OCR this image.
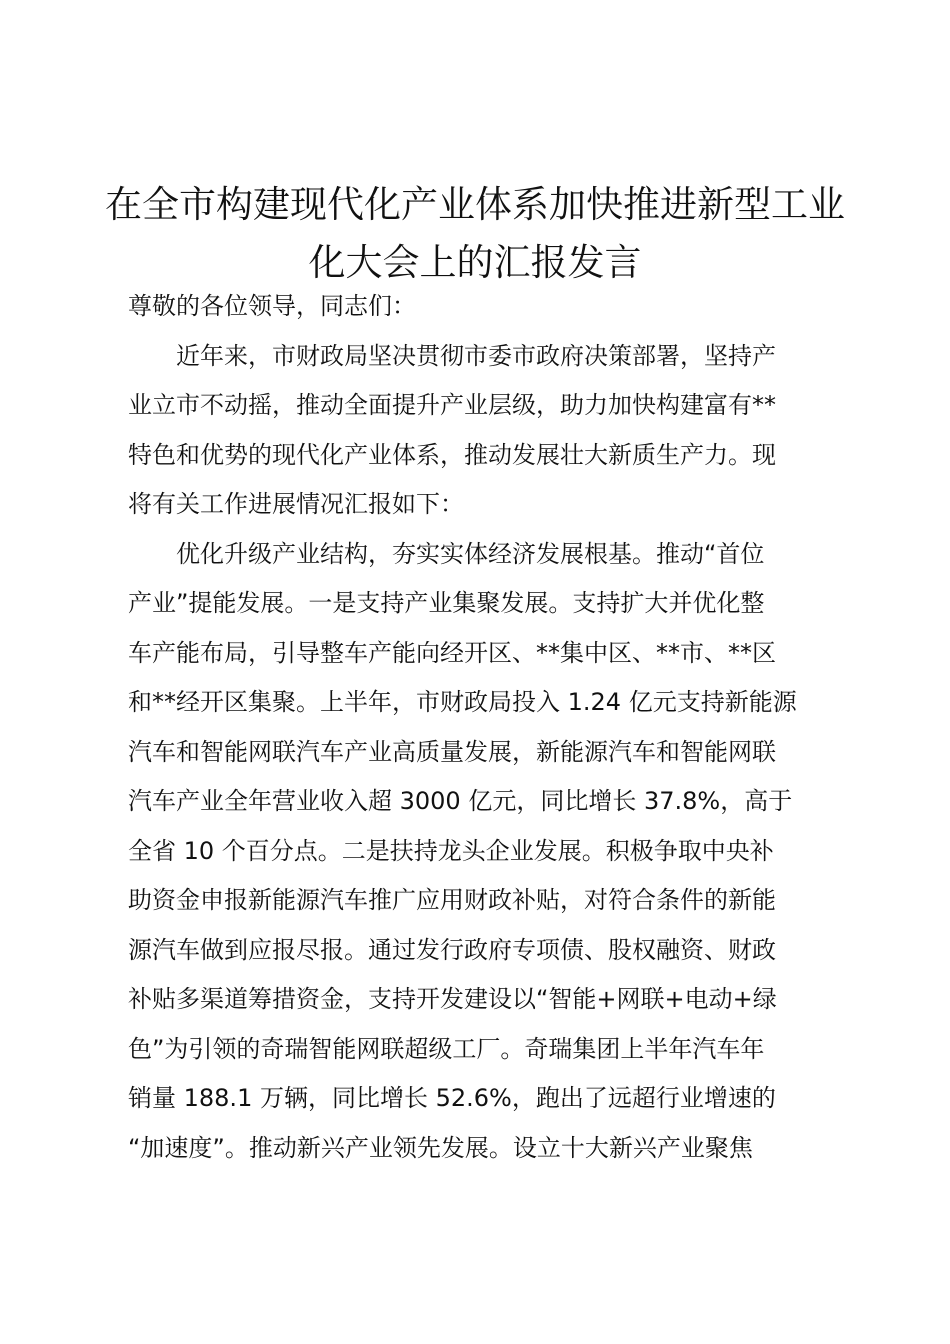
在全市构建现代化产业体系加快推进新型工业
化大会上的汇报发言

尊敬的各位领导，同志们：

　　近年来，市财政局坚决贯彻市委市政府决策部署，坚持产
业立市不动摇，推动全面提升产业层级，助力加快构建富有**
特色和优势的现代化产业体系，推动发展壮大新质生产力。现
将有关工作进展情况汇报如下：

　　优化升级产业结构，夯实实体经济发展根基。推动“首位
产业”提能发展。一是支持产业集聚发展。支持扩大并优化整
车产能布局，引导整车产能向经开区、**集中区、**市、**区
和**经开区集聚。上半年，市财政局投入 1.24 亿元支持新能源
汽车和智能网联汽车产业高质量发展，新能源汽车和智能网联
汽车产业全年营业收入超 3000 亿元，同比增长 37.8%，高于
全省 10 个百分点。二是扶持龙头企业发展。积极争取中央补
助资金申报新能源汽车推广应用财政补贴，对符合条件的新能
源汽车做到应报尽报。通过发行政府专项债、股权融资、财政
补贴多渠道筹措资金，支持开发建设以“智能+网联+电动+绿
色”为引领的奇瑞智能网联超级工厂。奇瑞集团上半年汽车年
销量 188.1 万辆，同比增长 52.6%，跑出了远超行业增速的
“加速度”。推动新兴产业领先发展。设立十大新兴产业聚焦
